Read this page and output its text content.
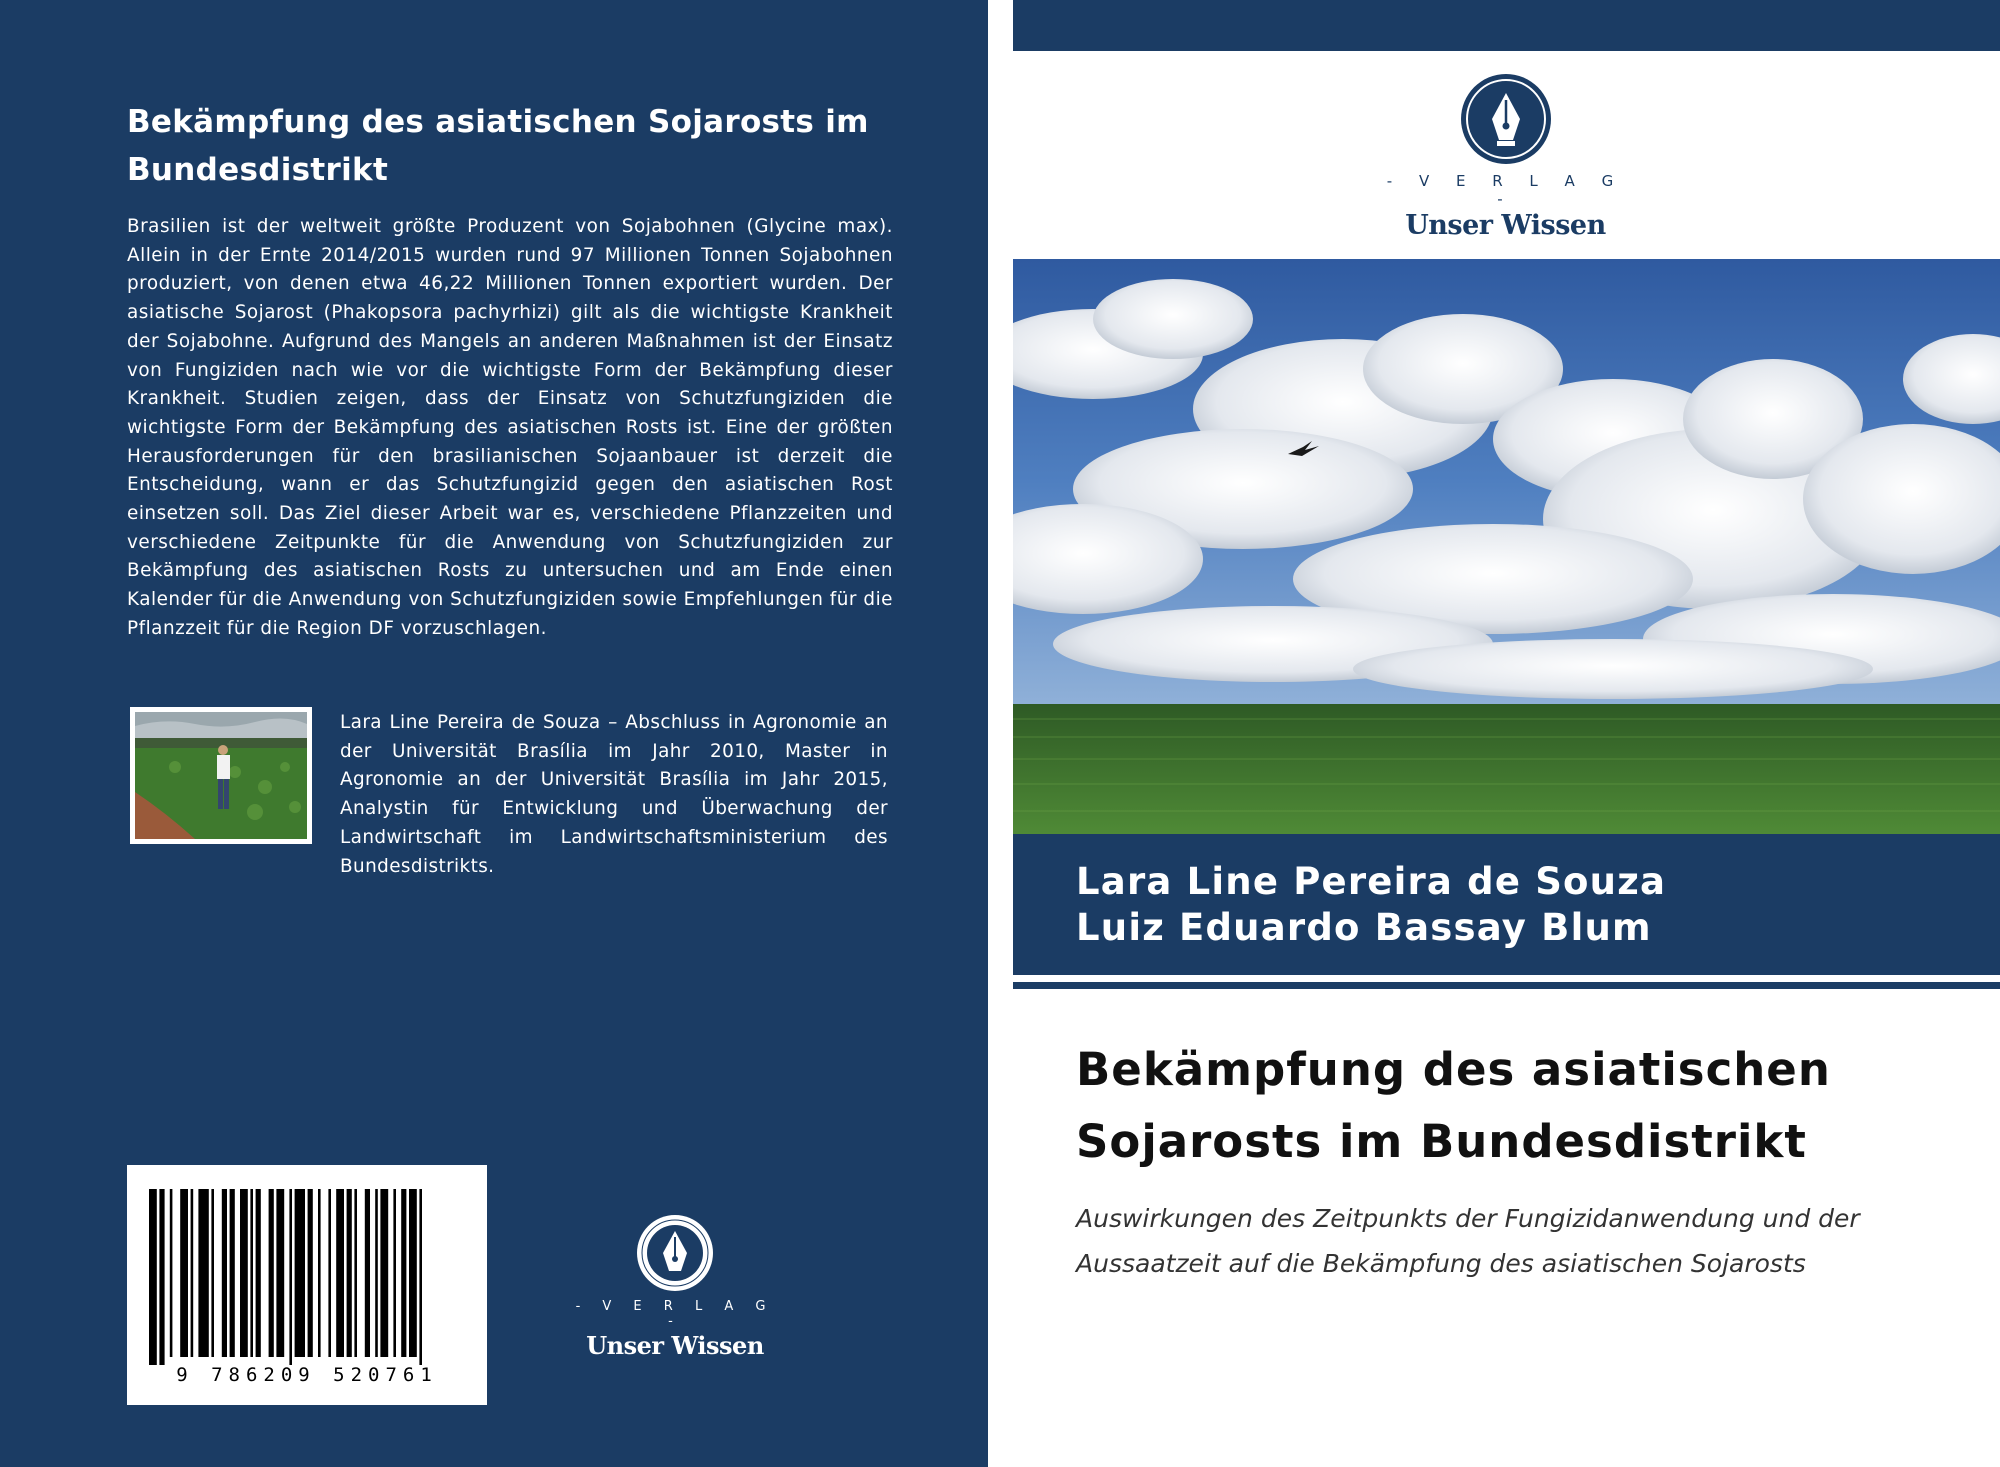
Bekämpfung des asiatischen Sojarosts im Bundesdistrikt
Brasilien ist der weltweit größte Produzent von Sojabohnen (Glycine max). Allein in der Ernte 2014/2015 wurden rund 97 Millionen Tonnen Sojabohnen produziert, von denen etwa 46,22 Millionen Tonnen exportiert wurden. Der asiatische Sojarost (Phakopsora pachyrhizi) gilt als die wichtigste Krankheit der Sojabohne. Aufgrund des Mangels an anderen Maßnahmen ist der Einsatz von Fungiziden nach wie vor die wichtigste Form der Bekämpfung dieser Krankheit. Studien zeigen, dass der Einsatz von Schutzfungiziden die wichtigste Form der Bekämpfung des asiatischen Rosts ist. Eine der größten Herausforderungen für den brasilianischen Sojaanbauer ist derzeit die Entscheidung, wann er das Schutzfungizid gegen den asiatischen Rost einsetzen soll. Das Ziel dieser Arbeit war es, verschiedene Pflanzzeiten und verschiedene Zeitpunkte für die Anwendung von Schutzfungiziden zur Bekämpfung des asiatischen Rosts zu untersuchen und am Ende einen Kalender für die Anwendung von Schutzfungiziden sowie Empfehlungen für die Pflanzzeit für die Region DF vorzuschlagen.
Lara Line Pereira de Souza – Abschluss in Agronomie an der Universität Brasília im Jahr 2010, Master in Agronomie an der Universität Brasília im Jahr 2015, Analystin für Entwicklung und Überwachung der Landwirtschaft im Landwirtschaftsministerium des Bundesdistrikts.
9 786209 520761
- V E R L A G -
Unser Wissen
- V E R L A G -
Unser Wissen
Lara Line Pereira de Souza
Luiz Eduardo Bassay Blum
Bekämpfung des asiatischen
Sojarosts im Bundesdistrikt
Auswirkungen des Zeitpunkts der Fungizidanwendung und der
Aussaatzeit auf die Bekämpfung des asiatischen Sojarosts
